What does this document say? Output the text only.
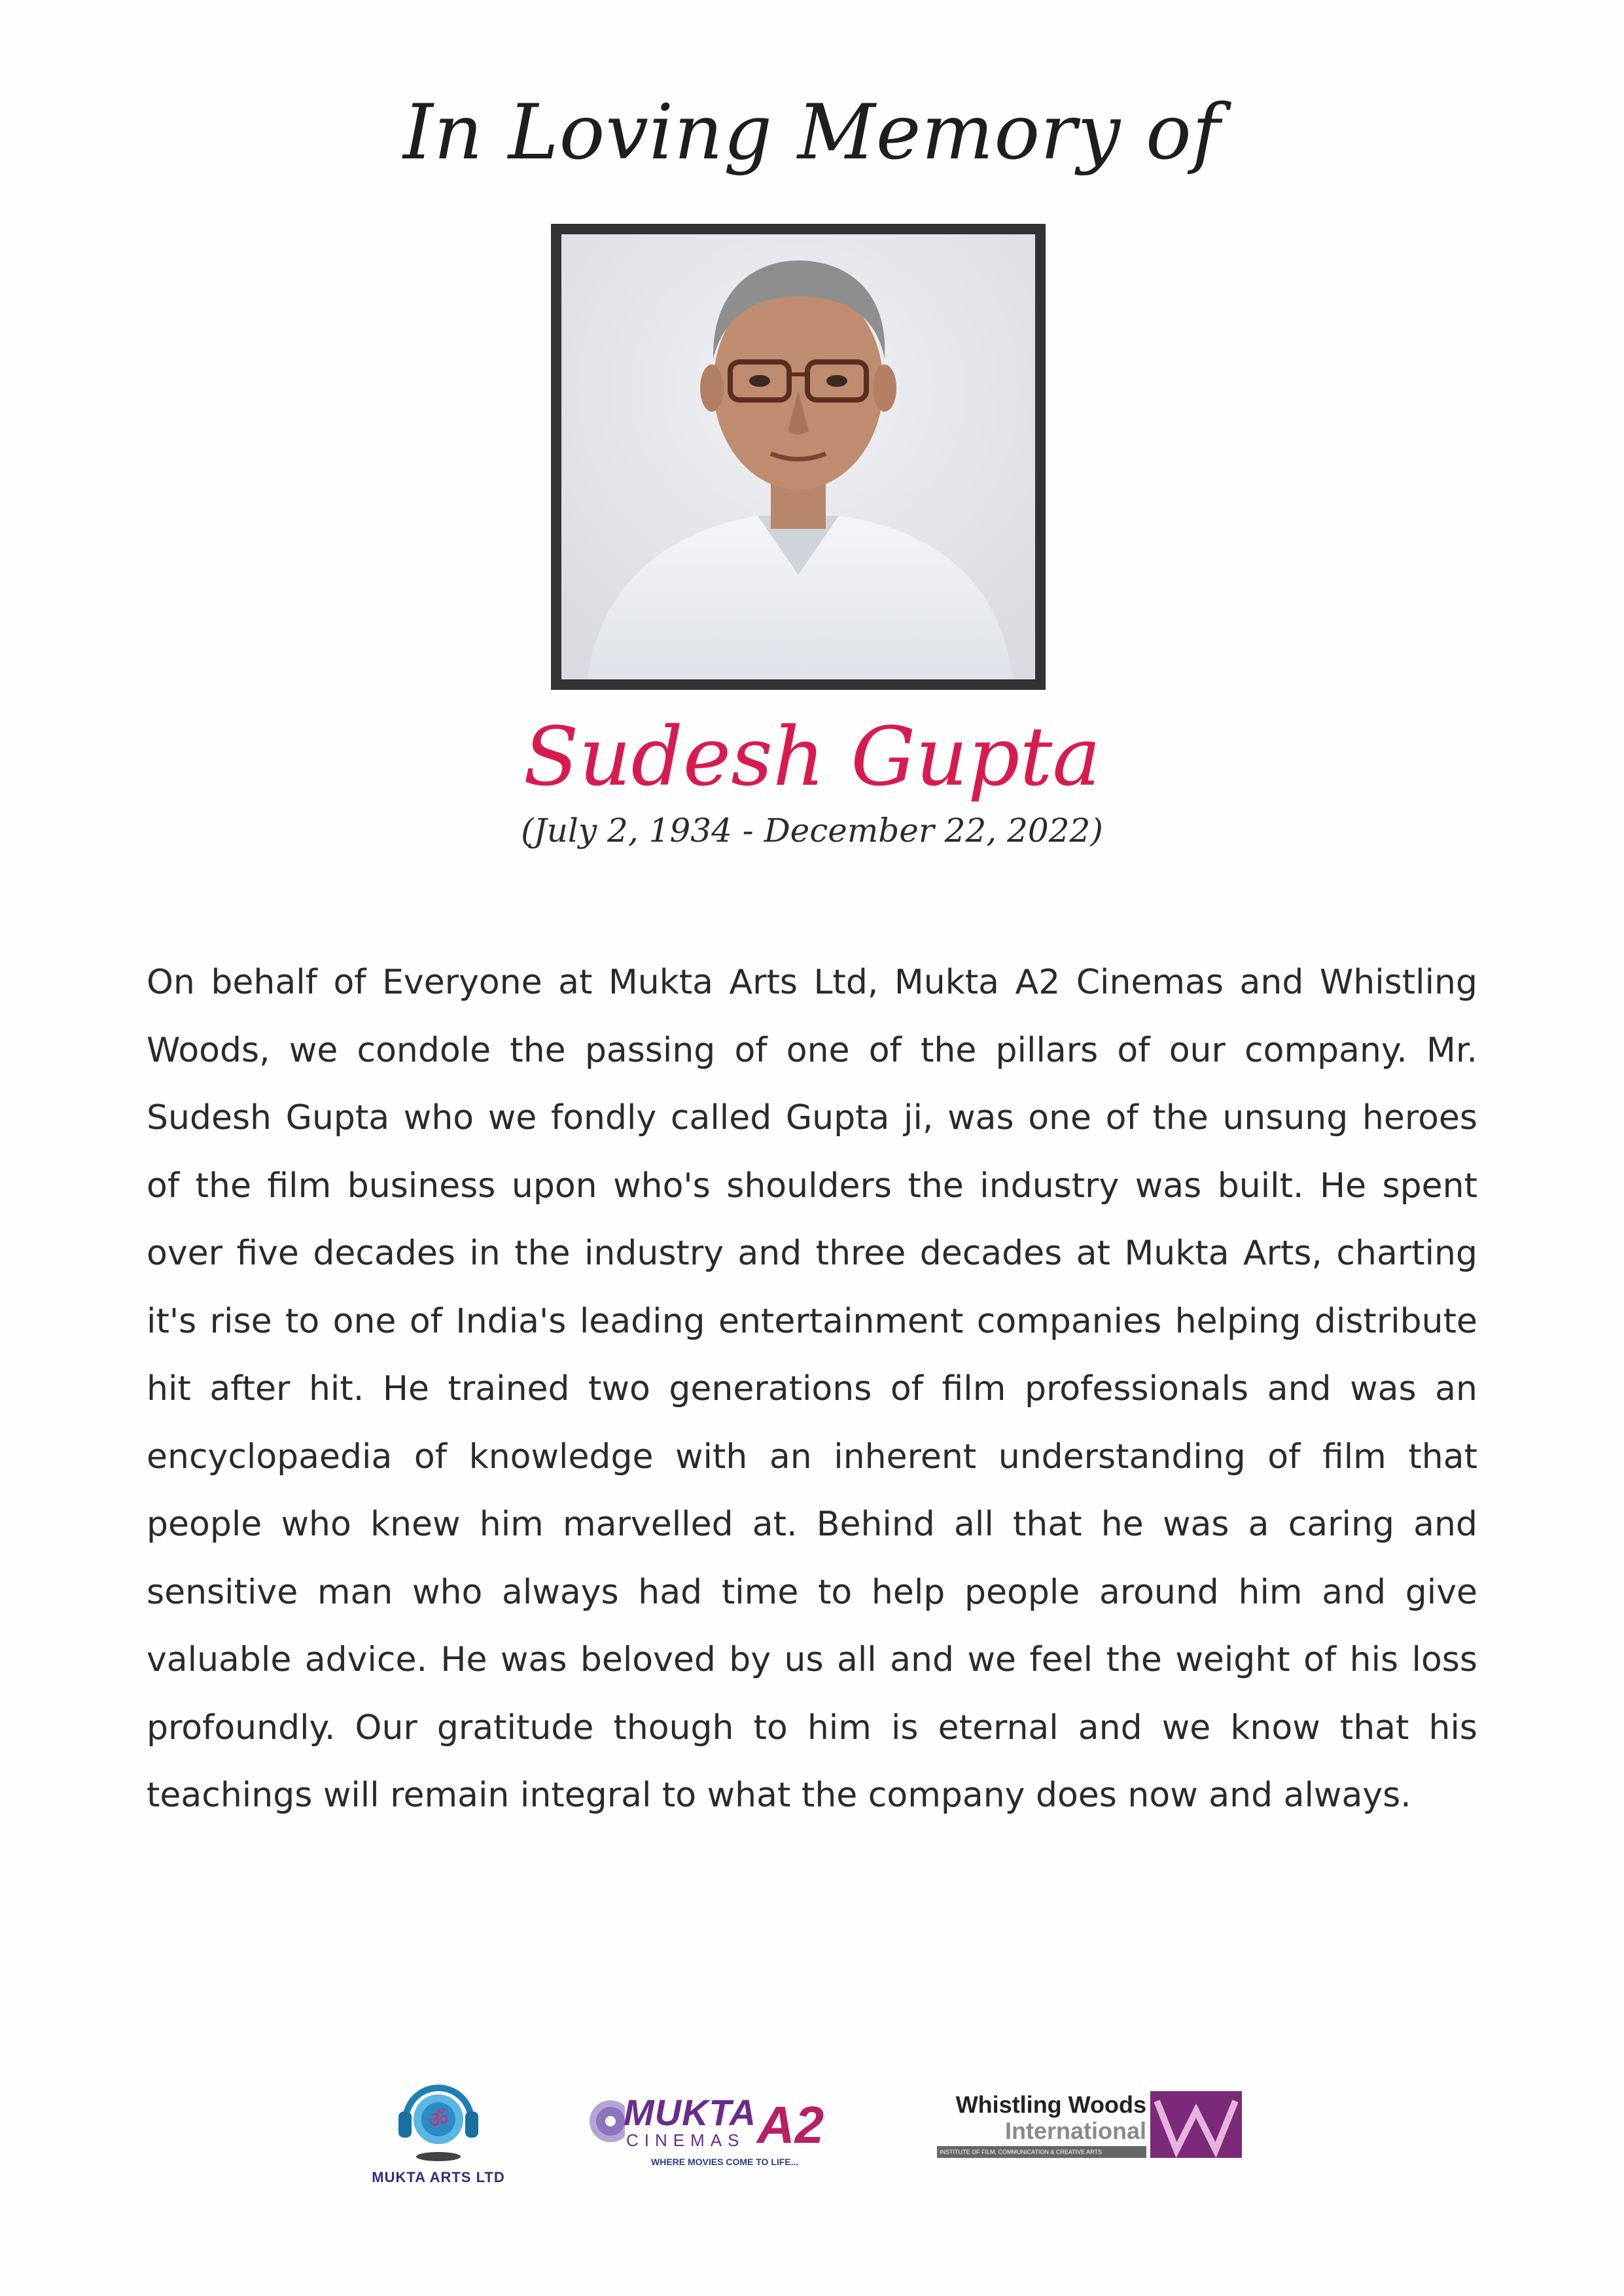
In Loving Memory of
Sudesh Gupta
(July 2, 1934 - December 22, 2022)

On behalf of Everyone at Mukta Arts Ltd, Mukta A2 Cinemas and Whistling Woods, we condole the passing of one of the pillars of our company. Mr. Sudesh Gupta who we fondly called Gupta ji, was one of the unsung heroes of the film business upon who's shoulders the industry was built. He spent over five decades in the industry and three decades at Mukta Arts, charting it's rise to one of India's leading entertainment companies helping distribute hit after hit. He trained two generations of film professionals and was an encyclopaedia of knowledge with an inherent understanding of film that people who knew him marvelled at. Behind all that he was a caring and sensitive man who always had time to help people around him and give valuable advice. He was beloved by us all and we feel the weight of his loss profoundly. Our gratitude though to him is eternal and we know that his teachings will remain integral to what the company does now and always.

ॐ
MUKTA ARTS LTD
MUKTA
CINEMAS A2
WHERE MOVIES COME TO LIFE...
Whistling Woods
International
INSTITUTE OF FILM, COMMUNICATION & CREATIVE ARTS
